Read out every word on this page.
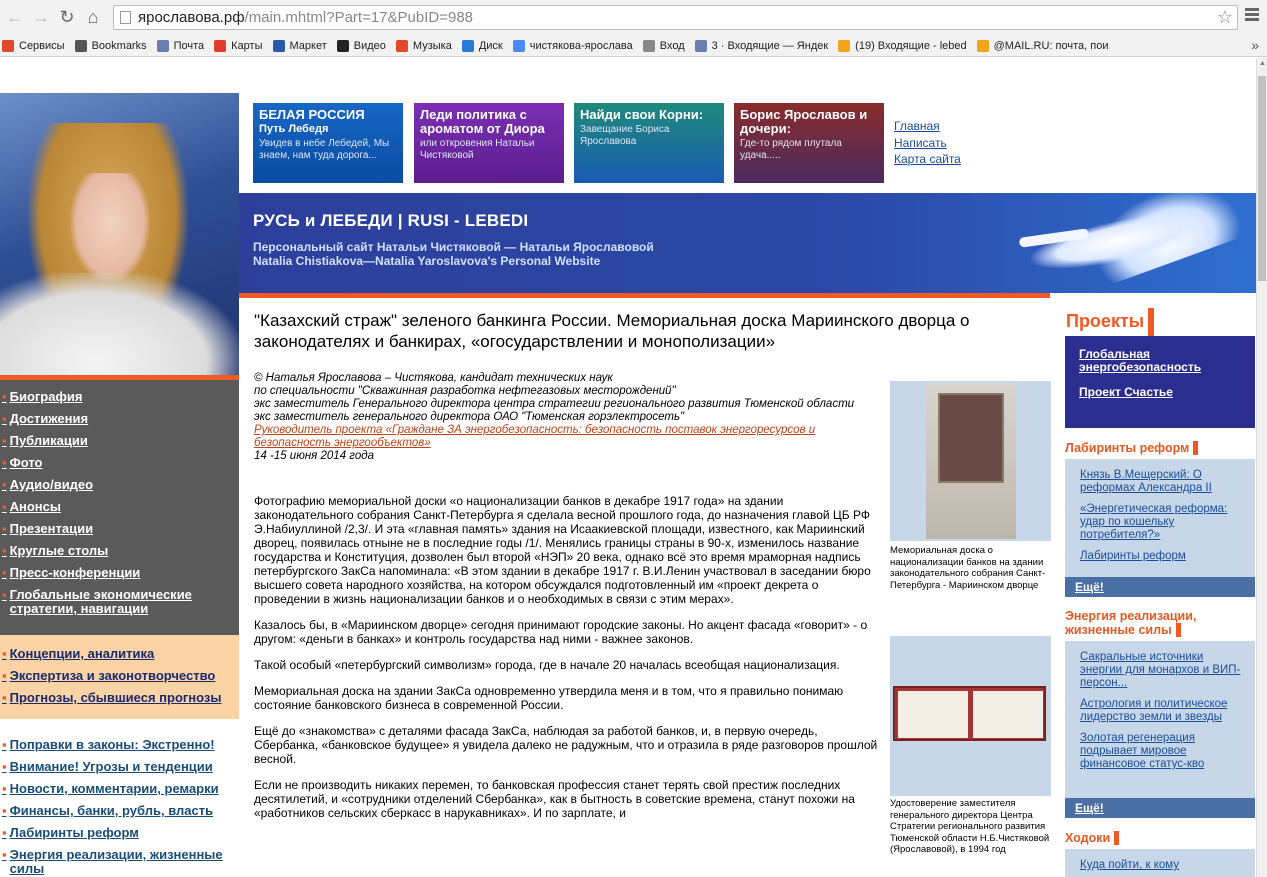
← → ↻ ⌂	ярославова.рф/main.mhtml?Part=17&PubID=988	☆
Сервисы Bookmarks Почта Карты Маркет Видео Музыка Диск чистякова-ярослава Вход 3 · Входящие — Яндек (19) Входящие - lebed @MAIL.RU: почта, пои	»
▪ Биография
▪ Достижения
▪ Публикации
▪ Фото
▪ Аудио/видео
▪ Анонсы
▪ Презентации
▪ Круглые столы
▪ Пресс-конференции
▪ Глобальные экономические стратегии, навигации
▪ Концепции, аналитика
▪ Экспертиза и законотворчество
▪ Прогнозы, сбывшиеся прогнозы
▪ Поправки в законы: Экстренно!
▪ Внимание! Угрозы и тенденции
▪ Новости, комментарии, ремарки
▪ Финансы, банки, рубль, власть
▪ Лабиринты реформ
▪ Энергия реализации, жизненные силы
БЕЛАЯ РОССИЯ
Путь Лебедя
Увидев в небе Лебедей, Мы знаем, нам туда дорога...
Леди политика с ароматом от Диора
или откровения Натальи Чистяковой
Найди свои Корни:
Завещание Бориса Ярославова
Борис Ярославов и дочери:
Где-то рядом плутала удача.....
Главная
Написать
Карта сайта
РУСЬ и ЛЕБЕДИ | RUSI - LEBEDI
Персональный сайт Натальи Чистяковой — Натальи Ярославовой
Natalia Chistiakova—Natalia Yaroslavova's Personal Website
"Казахский страж" зеленого банкинга России. Мемориальная доска Мариинского дворца о законодателях и банкирах, «огосударствлении и монополизации»
© Наталья Ярославова – Чистякова, кандидат технических наук
по специальности "Скважинная разработка нефтегазовых месторождений"
экс заместитель Генерального директора центра стратегии регионального развития Тюменской области
экс заместитель генерального директора ОАО "Тюменская горэлектросеть"
Руководитель проекта «Граждане ЗА энергобезопасность: безопасность поставок энергоресурсов и безопасность энергообъектов»
14 -15 июня 2014 года

Фотографию мемориальной доски «о национализации банков в декабре 1917 года» на здании законодательного собрания Санкт-Петербурга я сделала весной прошлого года, до назначения главой ЦБ РФ Э.Набиуллиной /2,3/. И эта «главная память» здания на Исаакиевской площади, известного, как Мариинский дворец, появилась отныне не в последние годы /1/. Менялись границы страны в 90-х, изменилось название государства и Конституция, дозволен был второй «НЭП» 20 века, однако всё это время мраморная надпись петербургского ЗакСа напоминала: «В этом здании в декабре 1917 г. В.И.Ленин участвовал в заседании бюро высшего совета народного хозяйства, на котором обсуждался подготовленный им «проект декрета о проведении в жизнь национализации банков и о необходимых в связи с этим мерах».

Казалось бы, в «Мариинском дворце» сегодня принимают городские законы. Но акцент фасада «говорит» - о другом: «деньги в банках» и контроль государства над ними - важнее законов.

Такой особый «петербургский символизм» города, где в начале 20 началась всеобщая национализация.

Мемориальная доска на здании ЗакСа одновременно утвердила меня и в том, что я правильно понимаю состояние банковского бизнеса в современной России.

Ещё до «знакомства» с деталями фасада ЗакСа, наблюдая за работой банков, и, в первую очередь, Сбербанка, «банковское будущее» я увидела далеко не радужным, что и отразила в ряде разговоров прошлой весной.

Если не производить никаких перемен, то банковская профессия станет терять свой престиж последних десятилетий, и «сотрудники отделений Сбербанка», как в бытность в советские времена, станут похожи на «работников сельских сберкасс в нарукавниках». И по зарплате, и

Мемориальная доска о национализации банков на здании законодательного собрания Санкт-Петербурга - Мариинском дворце
Удостоверение заместителя генерального директора Центра Стратегии регионального развития Тюменской области Н.Б.Чистяковой (Ярославовой), в 1994 год
Проекты
Глобальная энергобезопасность
Проект Счастье
Лабиринты реформ
Князь В.Мещерский: О реформах Александра II
«Энергетическая реформа: удар по кошельку потребителя?»
Лабиринты реформ
Ещё!
Энергия реализации, жизненные силы
Сакральные источники энергии для монархов и ВИП-персон...
Астрология и политическое лидерство земли и звезды
Золотая регенерация подрывает мировое финансовое статус-кво
Ещё!
Ходоки
Куда пойти, к кому
▲
